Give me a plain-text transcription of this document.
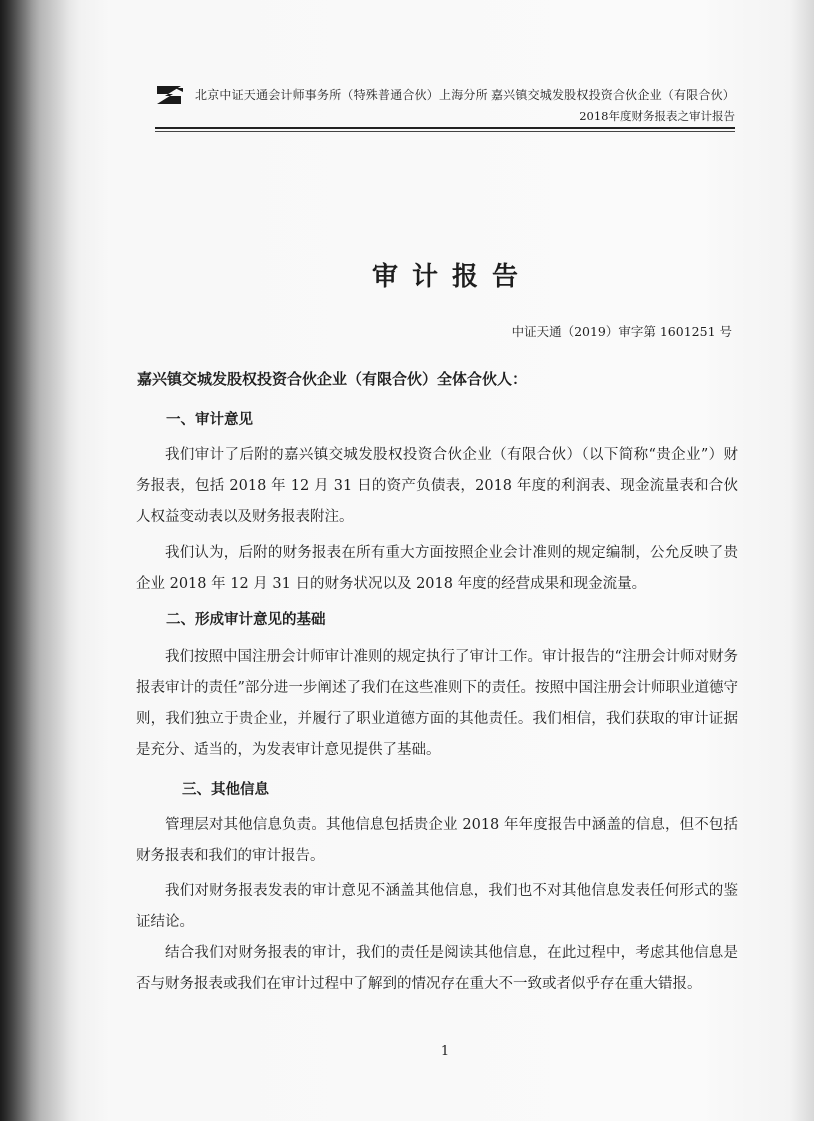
北京中证天通会计师事务所（特殊普通合伙）上海分所 嘉兴镇交城发股权投资合伙企业（有限合伙）
2018年度财务报表之审计报告
审计报告
中证天通（2019）审字第 1601251 号
嘉兴镇交城发股权投资合伙企业（有限合伙）全体合伙人：
一、审计意见
我们审计了后附的嘉兴镇交城发股权投资合伙企业（有限合伙）（以下简称“贵企业”）财务报表，包括 2018 年 12 月 31 日的资产负债表，2018 年度的利润表、现金流量表和合伙人权益变动表以及财务报表附注。
我们认为，后附的财务报表在所有重大方面按照企业会计准则的规定编制，公允反映了贵企业 2018 年 12 月 31 日的财务状况以及 2018 年度的经营成果和现金流量。
二、形成审计意见的基础
我们按照中国注册会计师审计准则的规定执行了审计工作。审计报告的“注册会计师对财务报表审计的责任”部分进一步阐述了我们在这些准则下的责任。按照中国注册会计师职业道德守则，我们独立于贵企业，并履行了职业道德方面的其他责任。我们相信，我们获取的审计证据是充分、适当的，为发表审计意见提供了基础。
三、其他信息
管理层对其他信息负责。其他信息包括贵企业 2018 年年度报告中涵盖的信息，但不包括财务报表和我们的审计报告。
我们对财务报表发表的审计意见不涵盖其他信息，我们也不对其他信息发表任何形式的鉴证结论。
结合我们对财务报表的审计，我们的责任是阅读其他信息，在此过程中，考虑其他信息是否与财务报表或我们在审计过程中了解到的情况存在重大不一致或者似乎存在重大错报。
1
